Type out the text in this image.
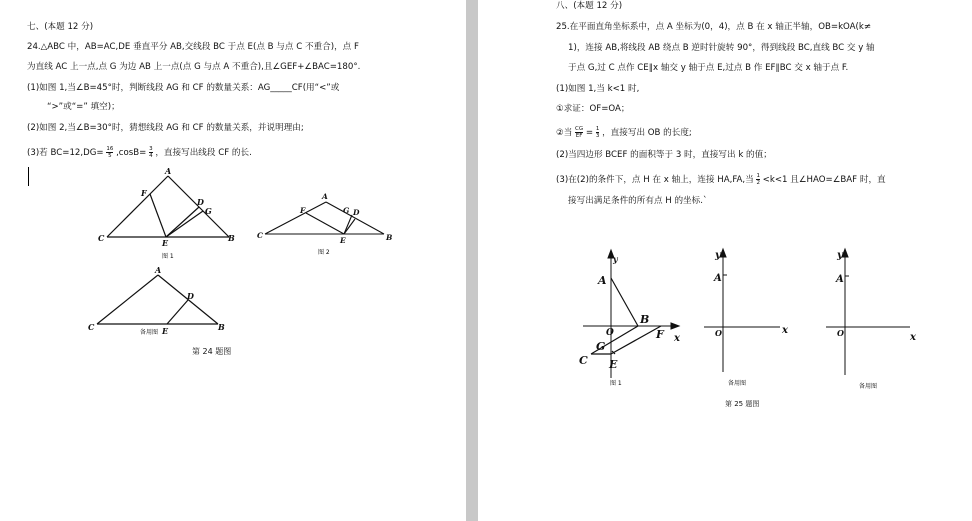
七、(本题 12 分)
24.△ABC 中，AB=AC,DE 垂直平分 AB,交线段 BC 于点 E(点 B 与点 C 不重合)，点 F
为直线 AC 上一点,点 G 为边 AB 上一点(点 G 与点 A 不重合),且∠GEF+∠BAC=180°.
(1)如图 1,当∠B=45°时，判断线段 AG 和 CF 的数量关系：AG_____CF(用“<”或
“>”或“=” 填空)；
(2)如图 2,当∠B=30°时，猜想线段 AG 和 CF 的数量关系，并说明理由;
(3)若 $BC=12,DG= \frac{16}{5} ,\cos B= \frac{3}{4}$ ，直接写出线段 CF 的长.
A
F
D
G
C	E	B
图 1
F
A
G D
C
E	B
图 2
A
D
C	E	B
备用图
第 24 题图
八、(本题 12 分)
25.在平面直角坐标系中，点 A 坐标为(0，4)，点 B 在 x 轴正半轴，OB=kOA(k≠
1)，连接 AB,将线段 AB 绕点 B 逆时针旋转 90°，得到线段 BC,直线 BC 交 y 轴
于点 G,过 C 点作 CE∥x 轴交 y 轴于点 E,过点 B 作 EF∥BC 交 x 轴于点 F.
(1)如图 1,当 k<1 时,
①求证：OF=OA；
②当 $\frac{CG}{EF} = \frac{1}{3}$ ，直接写出 OB 的长度;
(2)当四边形 BCEF 的面积等于 3 时，直接写出 k 的值；
(3)在(2)的条件下，点 H 在 x 轴上，连接 HA,FA,当 $\frac{1}{2} <k<1$ 且∠HAO=∠BAF 时，直
接写出满足条件的所有点 H 的坐标.`
y
A
B
O	F x
G
C E
图 1
y
A
O	x
备用图
y
A
O	x
备用图
第 25 题图
